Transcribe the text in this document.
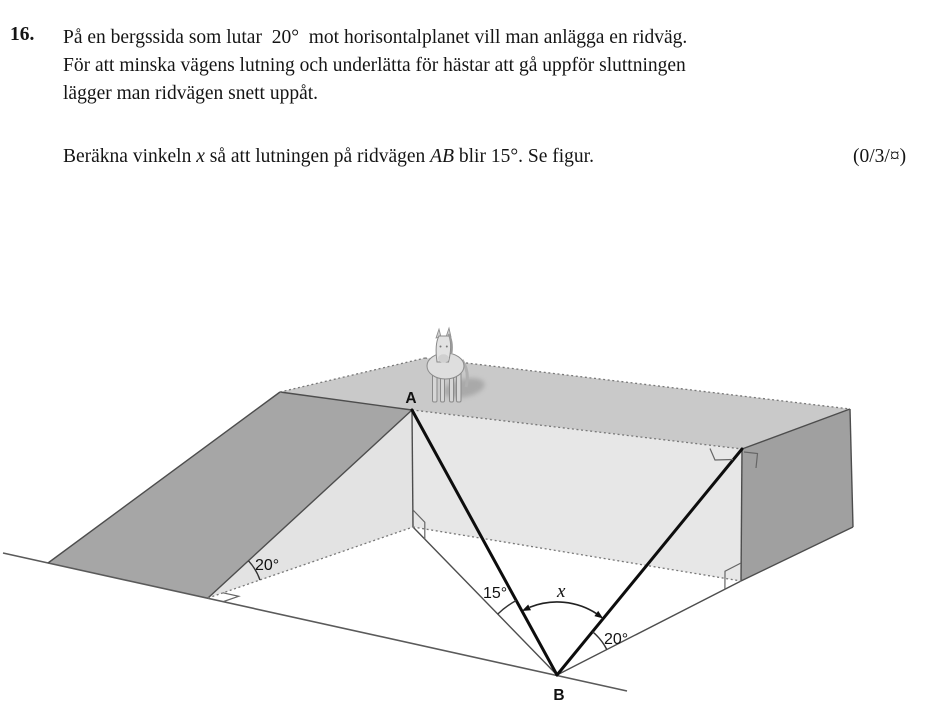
16. På en bergssida som lutar  20°  mot horisontalplanet vill man anlägga en ridväg.
För att minska vägens lutning och underlätta för hästar att gå uppför sluttningen
lägger man ridvägen snett uppåt.
Beräkna vinkeln x så att lutningen på ridvägen AB blir 15°. Se figur.	(0/3/¤)
A
B
20°
15°	x
20°
